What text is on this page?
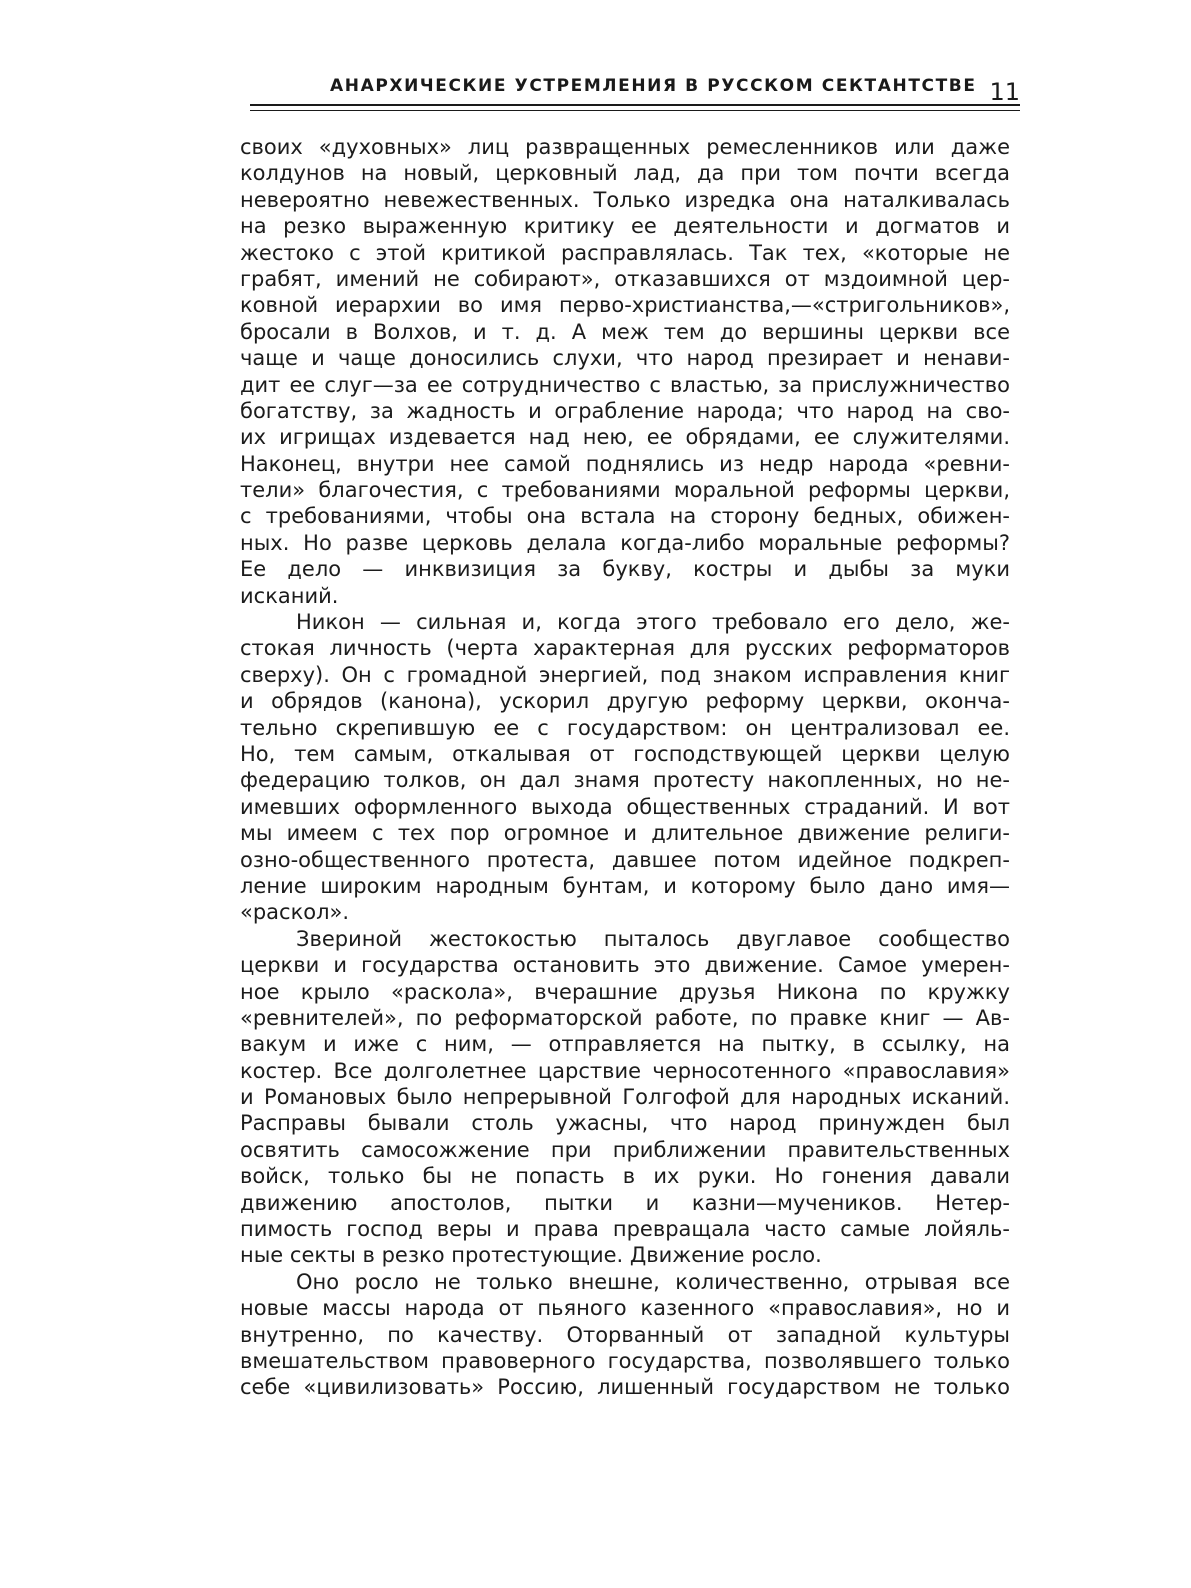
АНАРХИЧЕСКИЕ УСТРЕМЛЕНИЯ В РУССКОМ СЕКТАНТСТВЕ 11
своих «духовных» лиц развращенных ремесленников или даже
колдунов на новый, церковный лад, да при том почти всегда
невероятно невежественных. Только изредка она наталкивалась
на резко выраженную критику ее деятельности и догматов и
жестоко с этой критикой расправлялась. Так тех, «которые не
грабят, имений не собирают», отказавшихся от мздоимной цер-
ковной иерархии во имя перво-христианства,—«стригольников»,
бросали в Волхов, и т. д. А меж тем до вершины церкви все
чаще и чаще доносились слухи, что народ презирает и ненави-
дит ее слуг—за ее сотрудничество с властью, за прислужничество
богатству, за жадность и ограбление народа; что народ на сво-
их игрищах издевается над нею, ее обрядами, ее служителями.
Наконец, внутри нее самой поднялись из недр народа «ревни-
тели» благочестия, с требованиями моральной реформы церкви,
с требованиями, чтобы она встала на сторону бедных, обижен-
ных. Но разве церковь делала когда-либо моральные реформы?
Ее дело — инквизиция за букву, костры и дыбы за муки
исканий.
Никон — сильная и, когда этого требовало его дело, же-
стокая личность (черта характерная для русских реформаторов
сверху). Он с громадной энергией, под знаком исправления книг
и обрядов (канона), ускорил другую реформу церкви, оконча-
тельно скрепившую ее с государством: он централизовал ее.
Но, тем самым, откалывая от господствующей церкви целую
федерацию толков, он дал знамя протесту накопленных, но не-
имевших оформленного выхода общественных страданий. И вот
мы имеем с тех пор огромное и длительное движение религи-
озно-общественного протеста, давшее потом идейное подкреп-
ление широким народным бунтам, и которому было дано имя—
«раскол».
Звериной жестокостью пыталось двуглавое сообщество
церкви и государства остановить это движение. Самое умерен-
ное крыло «раскола», вчерашние друзья Никона по кружку
«ревнителей», по реформаторской работе, по правке книг — Ав-
вакум и иже с ним, — отправляется на пытку, в ссылку, на
костер. Все долголетнее царствие черносотенного «православия»
и Романовых было непрерывной Голгофой для народных исканий.
Расправы бывали столь ужасны, что народ принужден был
освятить самосожжение при приближении правительственных
войск, только бы не попасть в их руки. Но гонения давали
движению апостолов, пытки и казни—мучеников. Нетер-
пимость господ веры и права превращала часто самые лойяль-
ные секты в резко протестующие. Движение росло.
Оно росло не только внешне, количественно, отрывая все
новые массы народа от пьяного казенного «православия», но и
внутренно, по качеству. Оторванный от западной культуры
вмешательством правоверного государства, позволявшего только
себе «цивилизовать» Россию, лишенный государством не только
